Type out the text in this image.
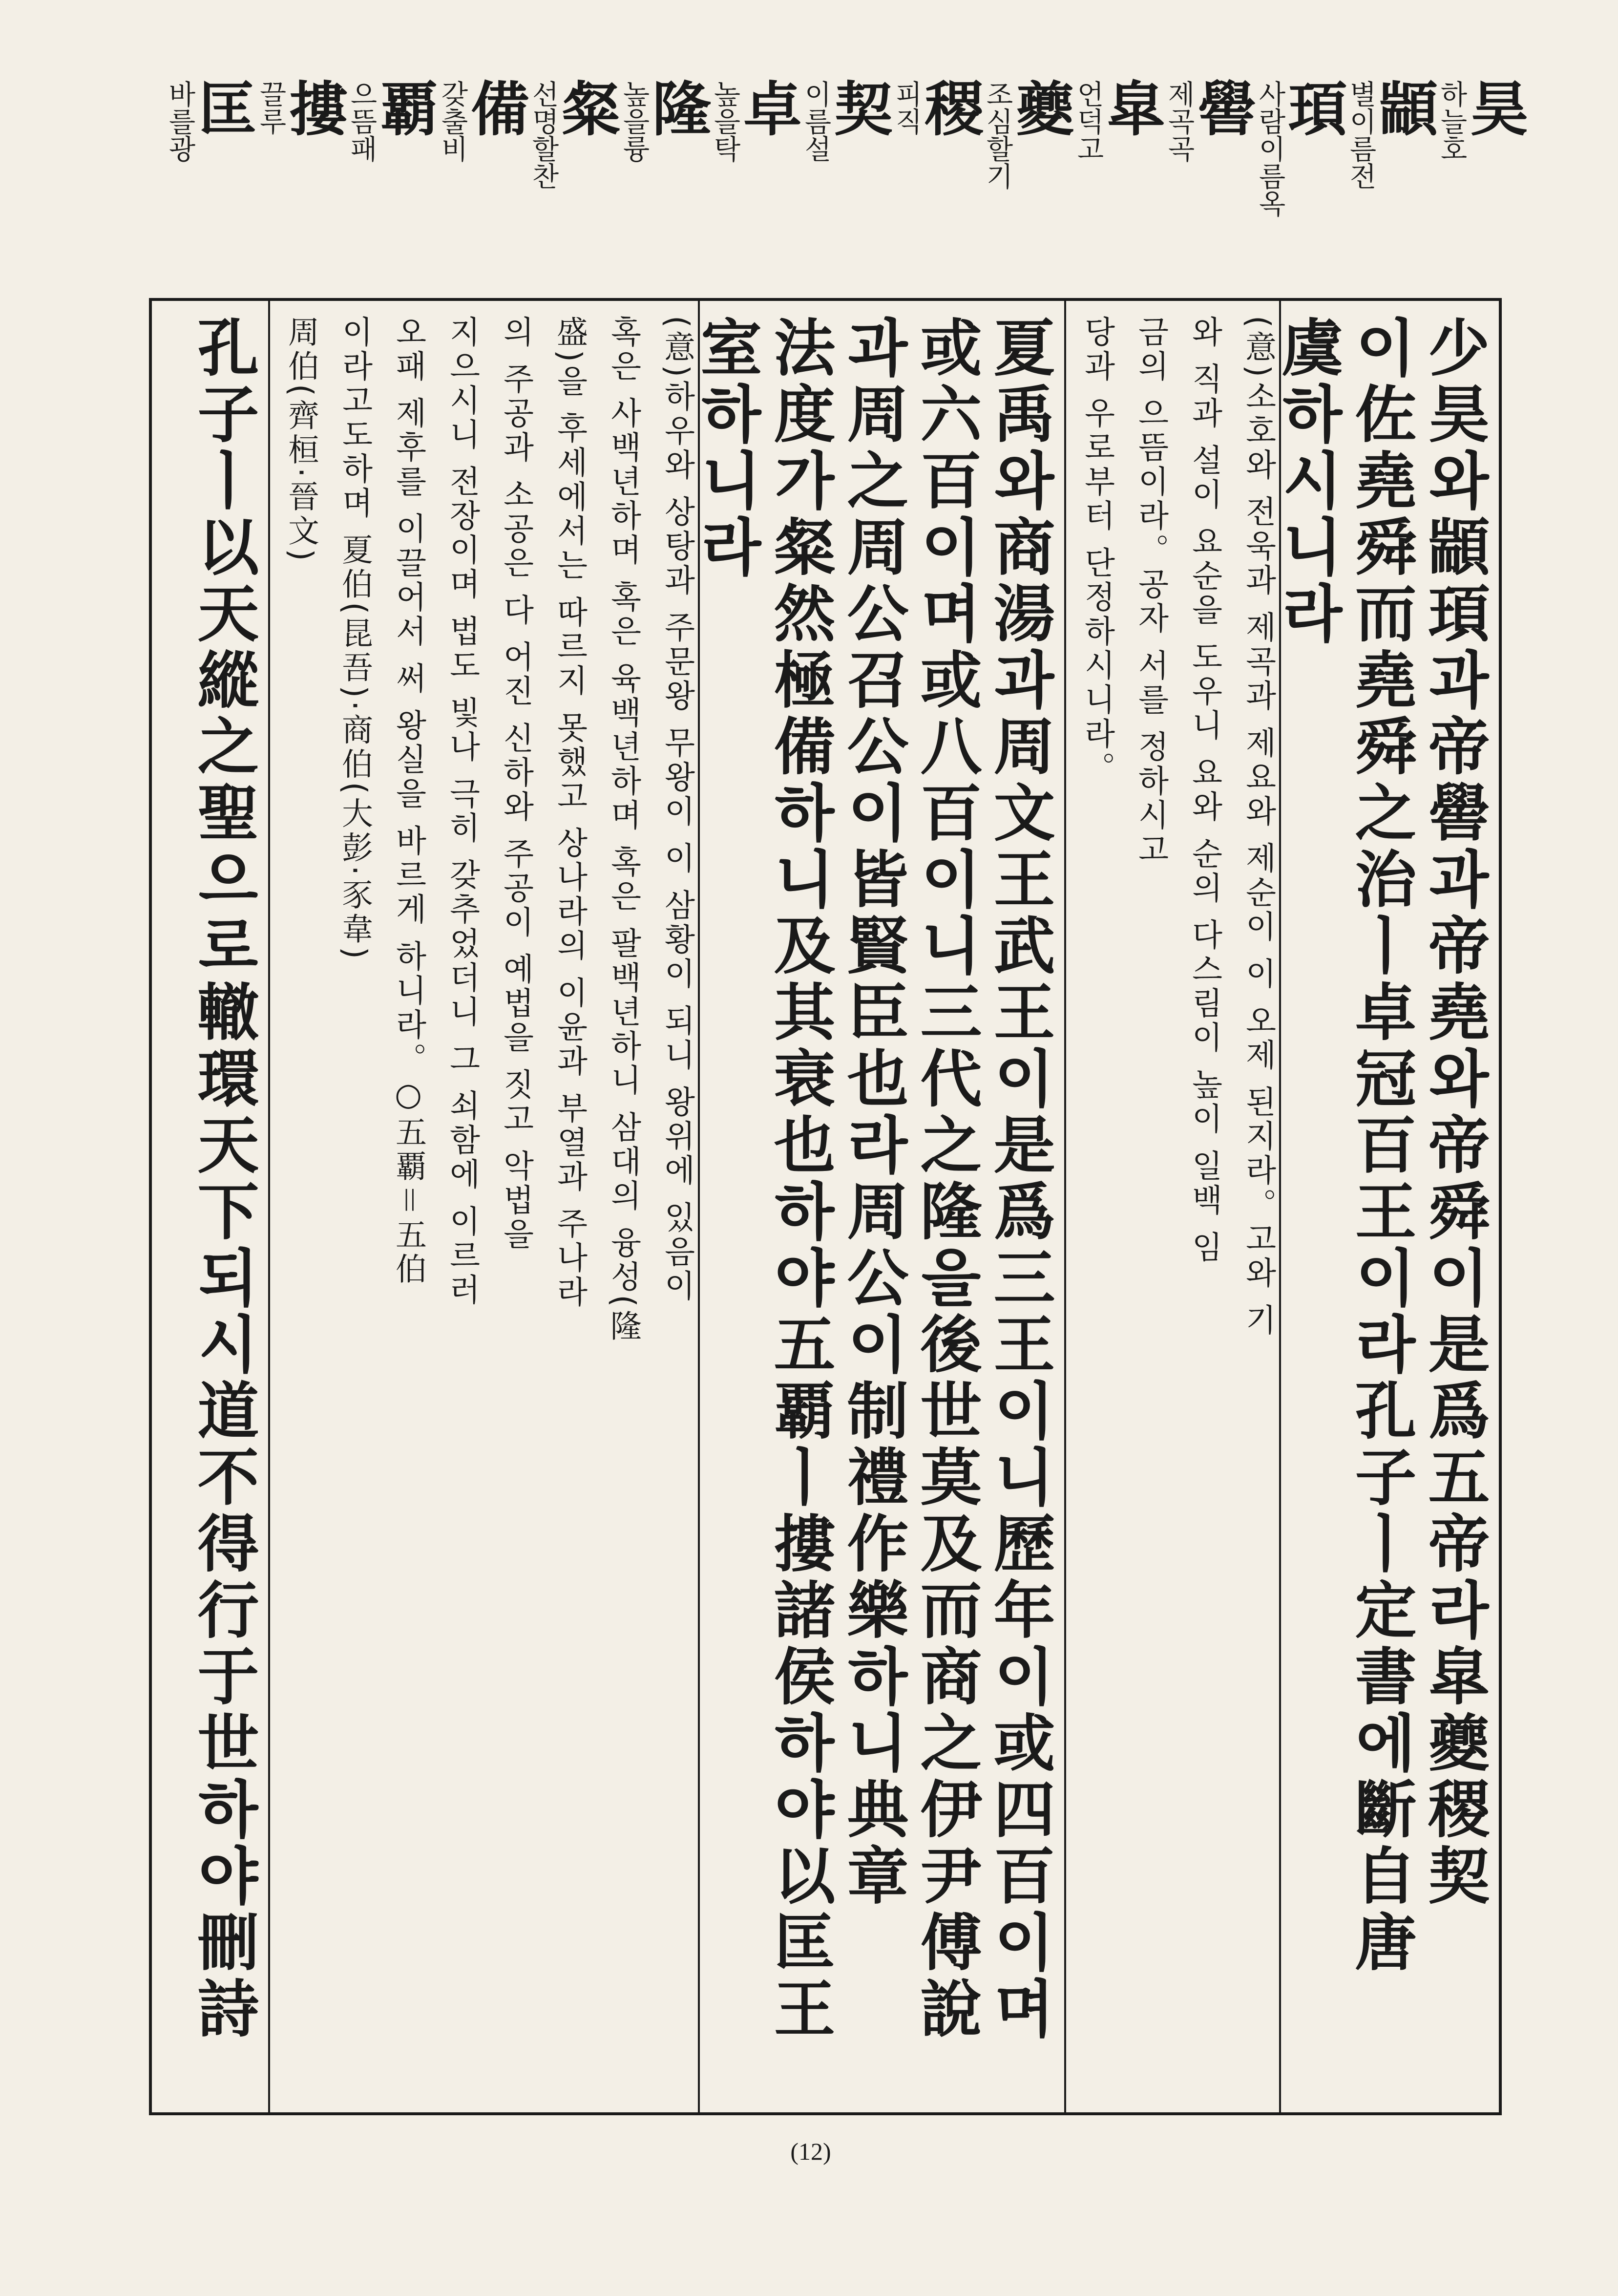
昊
하늘호
顓
별이름전
頊
사람이름옥
嚳
제곡곡
皐
언덕고
夔
조심할기
稷
피직
契
이름설
卓
높을탁
隆
높을륭
粲
선명할찬
備
갖출비
覇
으뜸패
摟
끌루
匡
바를광
少昊와顓頊과帝嚳과帝堯와帝舜이是爲五帝라皐夔稷契
이佐堯舜而堯舜之治ㅣ卓冠百王이라孔子ㅣ定書에斷自唐
虞하시니라
(意)소호와 전욱과 제곡과 제요와 제순이 이 오제 된지라。고와 기
와 직과 설이 요순을 도우니 요와 순의 다스림이 높이 일백 임
금의 으뜸이라。공자 서를 정하시고
당과 우로부터 단정하시니라。
夏禹와商湯과周文王武王이是爲三王이니歷年이或四百이며
或六百이며或八百이니三代之隆을後世莫及而商之伊尹傅說
과周之周公召公이皆賢臣也라周公이制禮作樂하니典章
法度가粲然極備하니及其衰也하야五覇ㅣ摟諸侯하야以匡王
室하니라
(意)하우와 상탕과 주문왕 무왕이 이 삼황이 되니 왕위에 있음이
혹은 사백년하며 혹은 육백년하며 혹은 팔백년하니 삼대의 융성(隆
盛)을 후세에서는 따르지 못했고 상나라의 이윤과 부열과 주나라
의 주공과 소공은 다 어진 신하와 주공이 예법을 짓고 악법을
지으시니 전장이며 법도 빛나 극히 갖추었더니 그 쇠함에 이르러
오패 제후를 이끌어서 써 왕실을 바르게 하니라。○五覇＝五伯
이라고도하며 夏伯(昆吾)·商伯(大彭·豕韋)
周伯(齊桓·晉文)
孔子ㅣ以天縱之聖으로轍環天下되시道不得行于世하야刪詩
(12)
